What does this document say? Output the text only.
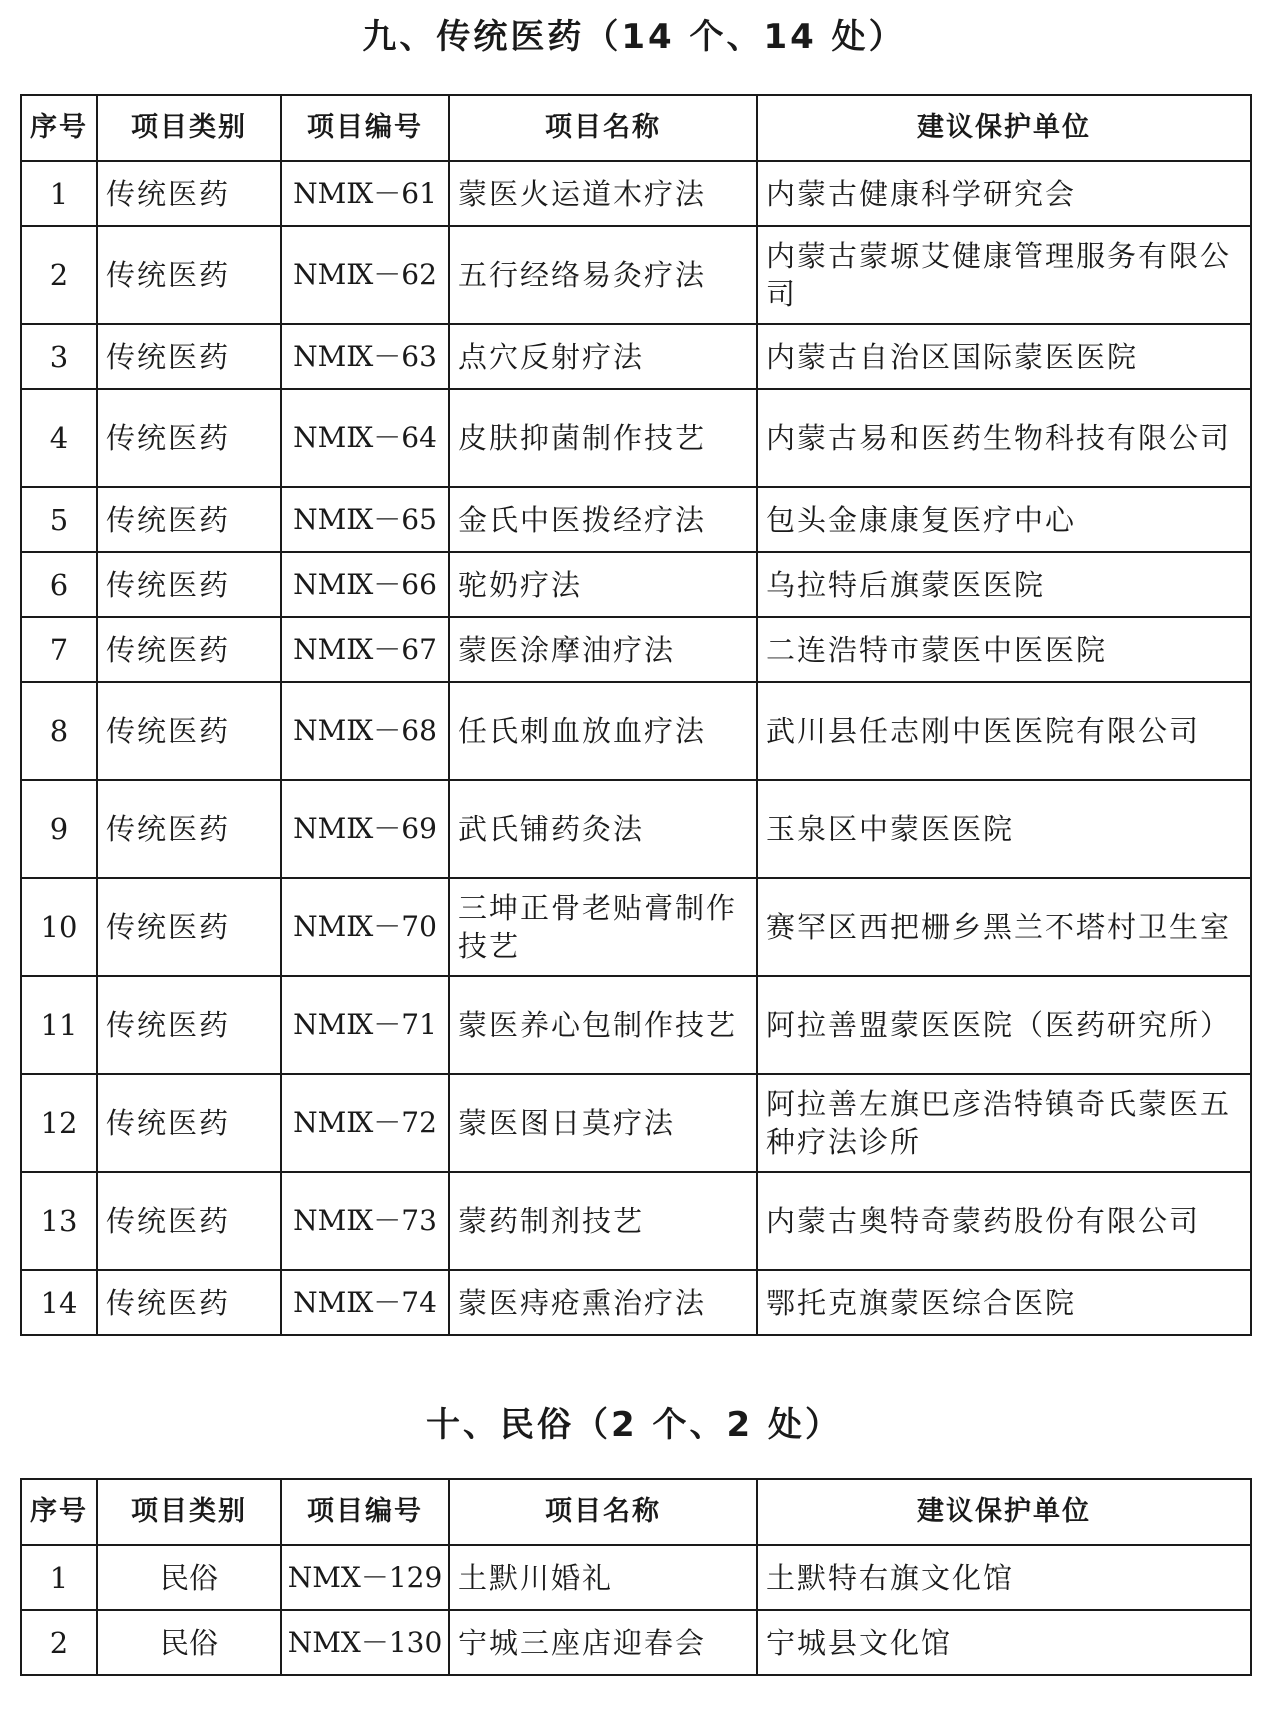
九、传统医药（14 个、14 处）
序号	项目类别	项目编号	项目名称	建议保护单位
1	传统医药	NMⅨ－61	蒙医火运道木疗法	内蒙古健康科学研究会
2	传统医药	NMⅨ－62	五行经络易灸疗法	内蒙古蒙塬艾健康管理服务有限公司
3	传统医药	NMⅨ－63	点穴反射疗法	内蒙古自治区国际蒙医医院
4	传统医药	NMⅨ－64	皮肤抑菌制作技艺	内蒙古易和医药生物科技有限公司
5	传统医药	NMⅨ－65	金氏中医拨经疗法	包头金康康复医疗中心
6	传统医药	NMⅨ－66	驼奶疗法	乌拉特后旗蒙医医院
7	传统医药	NMⅨ－67	蒙医涂摩油疗法	二连浩特市蒙医中医医院
8	传统医药	NMⅨ－68	任氏刺血放血疗法	武川县任志刚中医医院有限公司
9	传统医药	NMⅨ－69	武氏铺药灸法	玉泉区中蒙医医院
10	传统医药	NMⅨ－70	三坤正骨老贴膏制作技艺	赛罕区西把栅乡黑兰不塔村卫生室
11	传统医药	NMⅨ－71	蒙医养心包制作技艺	阿拉善盟蒙医医院（医药研究所）
12	传统医药	NMⅨ－72	蒙医图日莫疗法	阿拉善左旗巴彦浩特镇奇氏蒙医五种疗法诊所
13	传统医药	NMⅨ－73	蒙药制剂技艺	内蒙古奥特奇蒙药股份有限公司
14	传统医药	NMⅨ－74	蒙医痔疮熏治疗法	鄂托克旗蒙医综合医院
十、民俗（2 个、2 处）
序号	项目类别	项目编号	项目名称	建议保护单位
1	民俗	NMⅩ－129	土默川婚礼	土默特右旗文化馆
2	民俗	NMⅩ－130	宁城三座店迎春会	宁城县文化馆
